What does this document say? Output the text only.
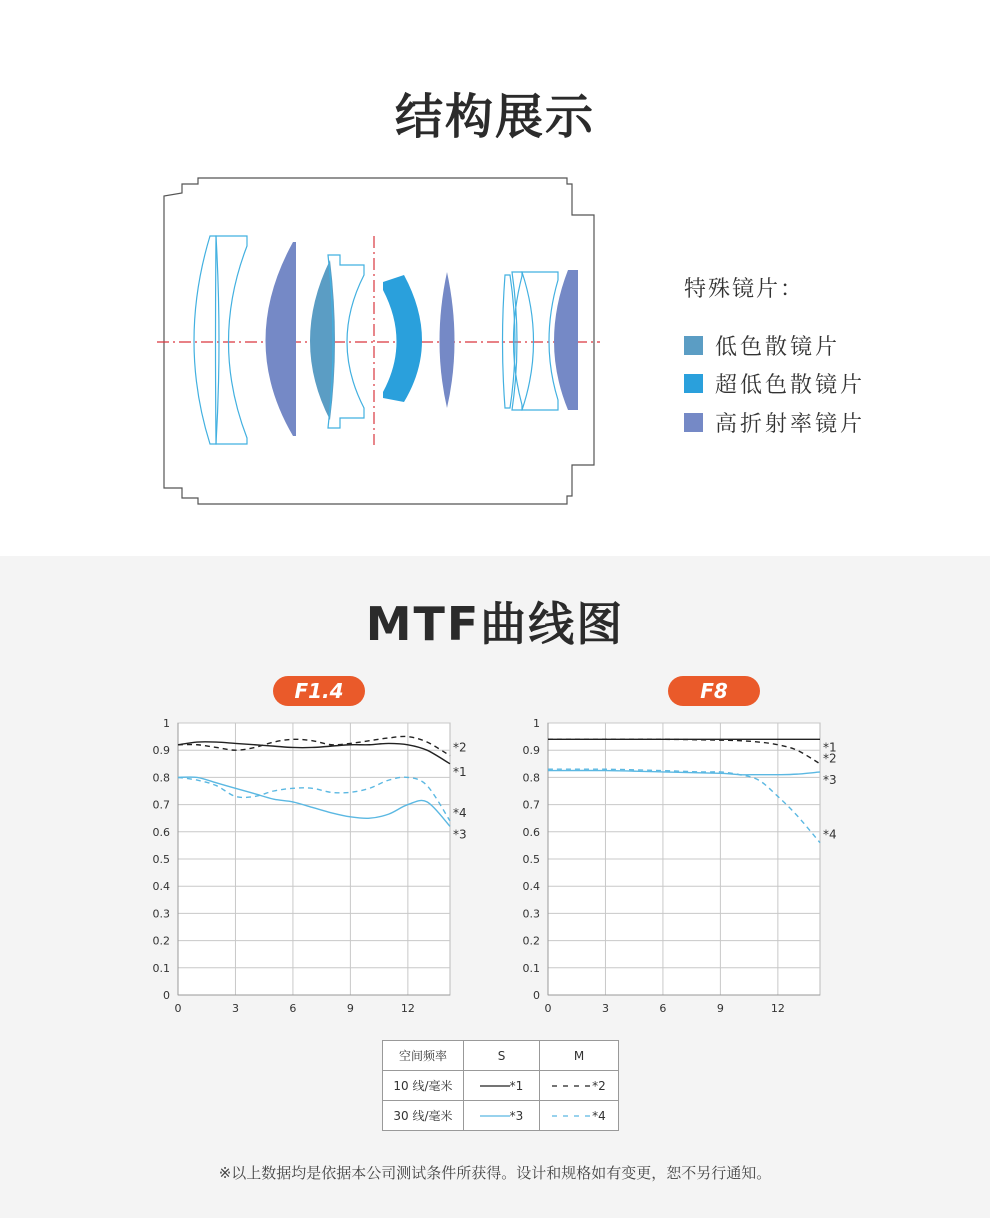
结构展示
特殊镜片：
低色散镜片
超低色散镜片
高折射率镜片
MTF曲线图
F1.4	F8
0
0.1
0.2
0.3
0.4
0.5
0.6
0.7
0.8
0.9
1
0	3	6	9	12
*1
*2
*3
*4
0
0.1
0.2
0.3
0.4
0.5
0.6
0.7
0.8
0.9
1
0	3	6	9	12
*1
*2
*3
*4
空间频率	S	M
10 线/毫米	*1	*2
30 线/毫米	*3	*4
※以上数据均是依据本公司测试条件所获得。设计和规格如有变更，恕不另行通知。
